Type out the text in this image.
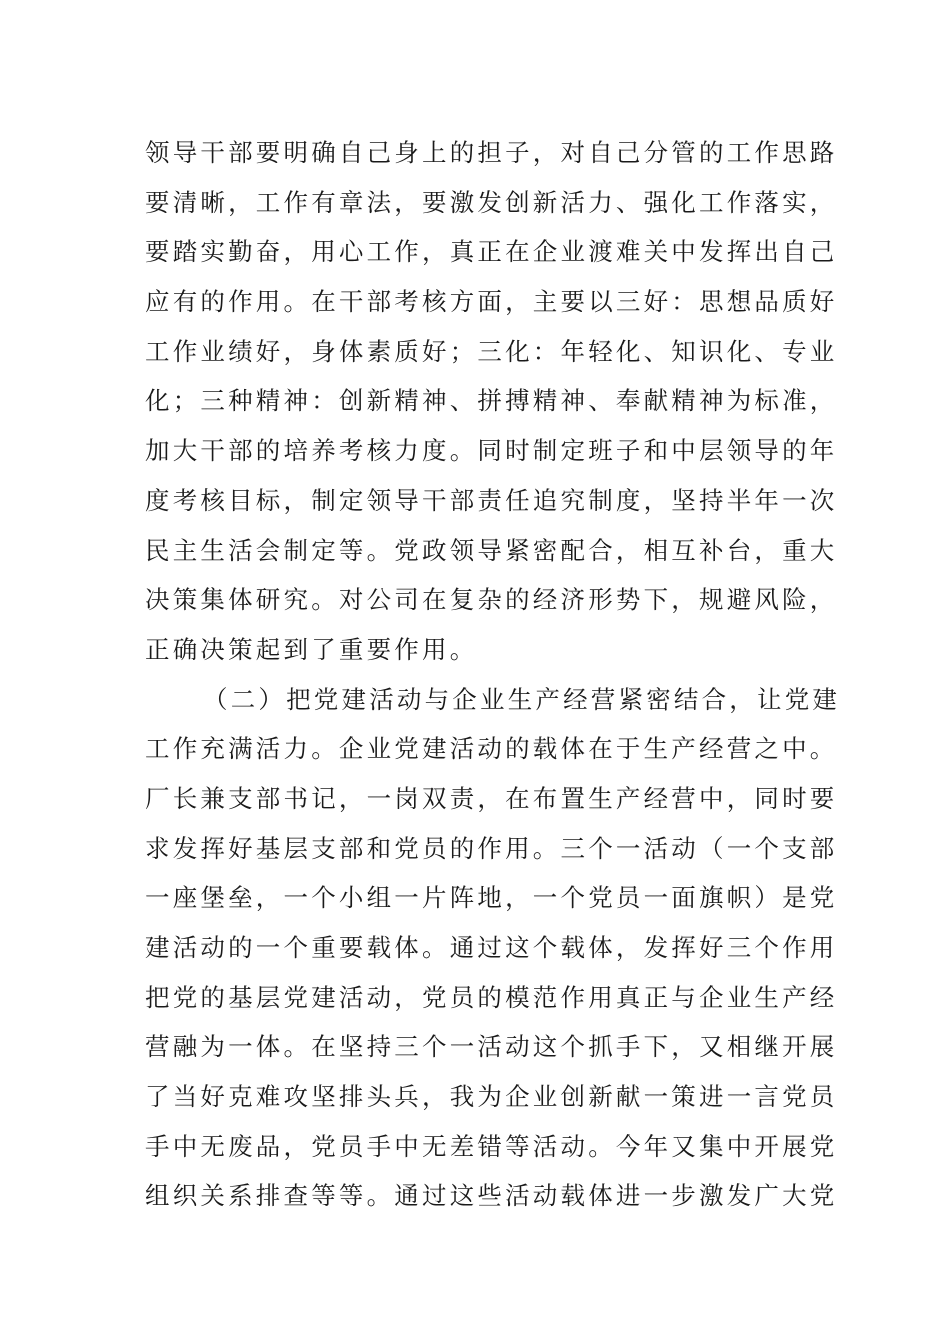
领导干部要明确自己身上的担子，对自己分管的工作思路
要清晰，工作有章法，要激发创新活力、强化工作落实，
要踏实勤奋，用心工作，真正在企业渡难关中发挥出自己
应有的作用。在干部考核方面，主要以三好：思想品质好
工作业绩好，身体素质好；三化：年轻化、知识化、专业
化；三种精神：创新精神、拼搏精神、奉献精神为标准，
加大干部的培养考核力度。同时制定班子和中层领导的年
度考核目标，制定领导干部责任追究制度，坚持半年一次
民主生活会制定等。党政领导紧密配合，相互补台，重大
决策集体研究。对公司在复杂的经济形势下，规避风险，
正确决策起到了重要作用。
（二）把党建活动与企业生产经营紧密结合，让党建
工作充满活力。企业党建活动的载体在于生产经营之中。
厂长兼支部书记，一岗双责，在布置生产经营中，同时要
求发挥好基层支部和党员的作用。三个一活动（一个支部
一座堡垒，一个小组一片阵地，一个党员一面旗帜）是党
建活动的一个重要载体。通过这个载体，发挥好三个作用
把党的基层党建活动，党员的模范作用真正与企业生产经
营融为一体。在坚持三个一活动这个抓手下，又相继开展
了当好克难攻坚排头兵，我为企业创新献一策进一言党员
手中无废品，党员手中无差错等活动。今年又集中开展党
组织关系排查等等。通过这些活动载体进一步激发广大党
